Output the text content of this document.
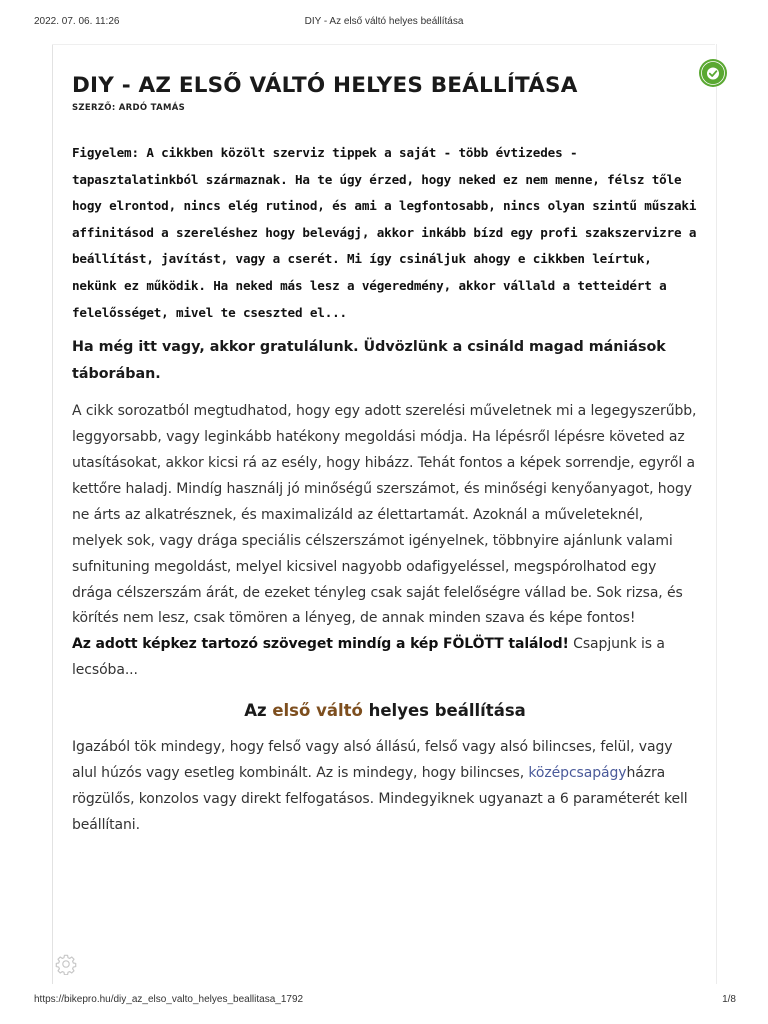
2022. 07. 06. 11:26	DIY - Az első váltó helyes beállítása
DIY - AZ ELSŐ VÁLTÓ HELYES BEÁLLÍTÁSA
SZERZŐ: ARDÓ TAMÁS
Figyelem: A cikkben közölt szerviz tippek a saját - több évtizedes - tapasztalatinkból származnak. Ha te úgy érzed, hogy neked ez nem menne, félsz tőle hogy elrontod, nincs elég rutinod, és ami a legfontosabb, nincs olyan szintű műszaki affinitásod a szereléshez hogy belevágj, akkor inkább bízd egy profi szakszervizre a beállítást, javítást, vagy a cserét. Mi így csináljuk ahogy e cikkben leírtuk, nekünk ez működik. Ha neked más lesz a végeredmény, akkor vállald a tetteidért a felelősséget, mivel te cseszted el...
Ha még itt vagy, akkor gratulálunk. Üdvözlünk a csináld magad mániások táborában.
A cikk sorozatból megtudhatod, hogy egy adott szerelési műveletnek mi a legegyszerűbb, leggyorsabb, vagy leginkább hatékony megoldási módja. Ha lépésről lépésre követed az utasításokat, akkor kicsi rá az esély, hogy hibázz. Tehát fontos a képek sorrendje, egyről a kettőre haladj. Mindíg használj jó minőségű szerszámot, és minőségi kenyőanyagot, hogy ne árts az alkatrésznek, és maximalizáld az élettartamát. Azoknál a műveleteknél, melyek sok, vagy drága speciális célszerszámot igényelnek, többnyire ajánlunk valami sufnituning megoldást, melyel kicsivel nagyobb odafigyeléssel, megspórolhatod egy drága célszerszám árát, de ezeket tényleg csak saját felelőségre vállad be. Sok rizsa, és körítés nem lesz, csak tömören a lényeg, de annak minden szava és képe fontos!
Az adott képkez tartozó szöveget mindíg a kép FÖLÖTT találod! Csapjunk is a lecsóba...
Az első váltó helyes beállítása
Igazából tök mindegy, hogy felső vagy alsó állású, felső vagy alsó bilincses, felül, vagy alul húzós vagy esetleg kombinált. Az is mindegy, hogy bilincses, középcsapágyházra rögzülős, konzolos vagy direkt felfogatásos. Mindegyiknek ugyanazt a 6 paraméterét kell beállítani.
https://bikepro.hu/diy_az_elso_valto_helyes_beallitasa_1792	1/8
